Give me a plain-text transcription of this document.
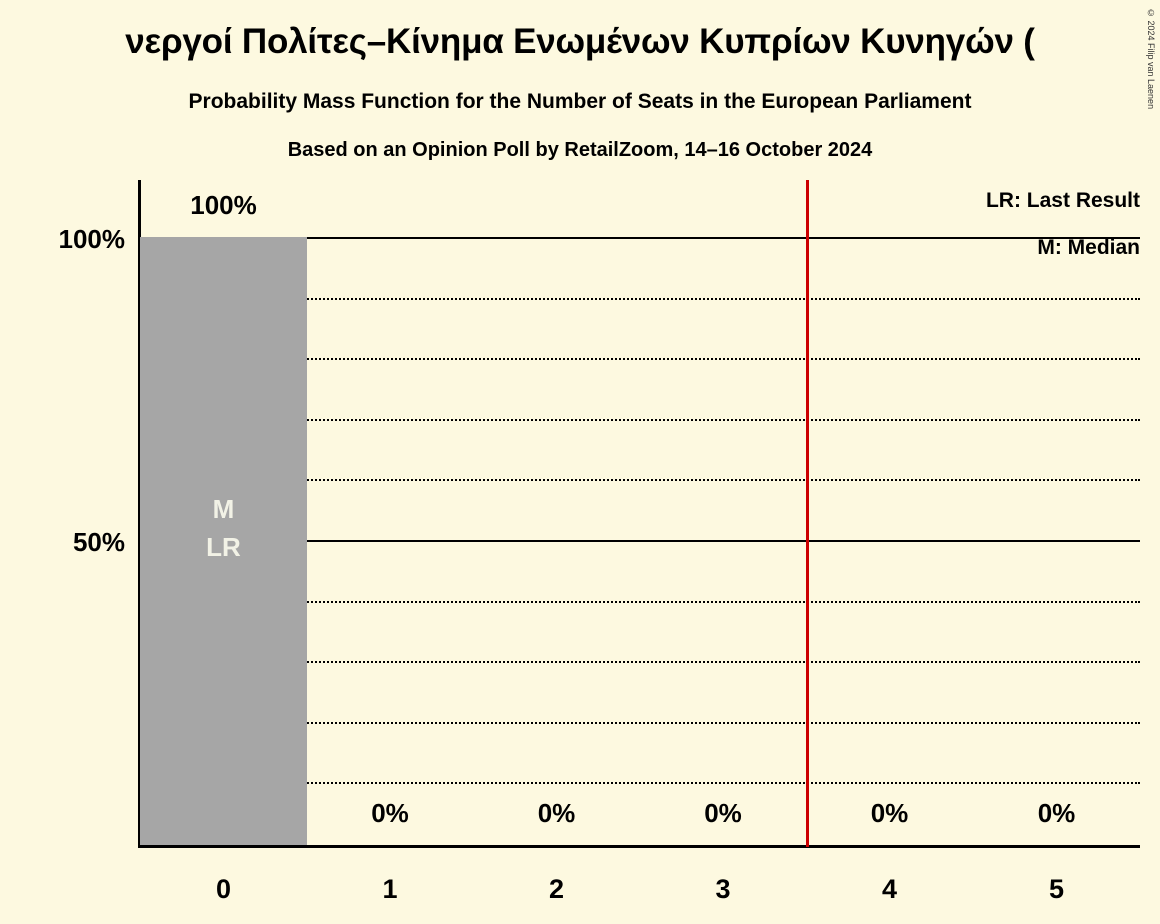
νεργοί Πολίτες–Κίνημα Ενωμένων Κυπρίων Κυνηγών (
Probability Mass Function for the Number of Seats in the European Parliament
Based on an Opinion Poll by RetailZoom, 14–16 October 2024
© 2024 Filip van Laenen
100%
50%
100%
0%	0%	0%	0%	0%
M
LR
LR: Last Result
M: Median
0	1	2	3	4	5
